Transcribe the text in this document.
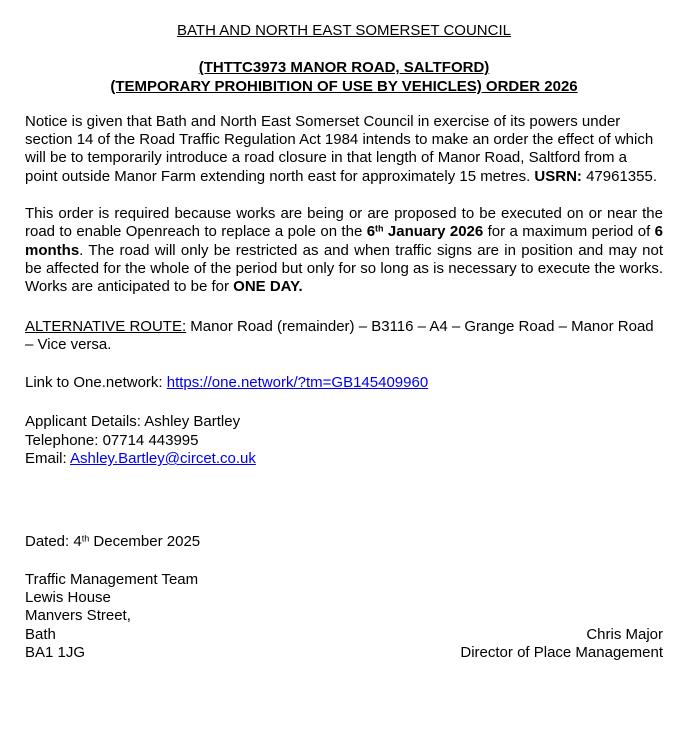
BATH AND NORTH EAST SOMERSET COUNCIL
(THTTC3973 MANOR ROAD, SALTFORD)
(TEMPORARY PROHIBITION OF USE BY VEHICLES) ORDER 2026

Notice is given that Bath and North East Somerset Council in exercise of its powers under section 14 of the Road Traffic Regulation Act 1984 intends to make an order the effect of which will be to temporarily introduce a road closure in that length of Manor Road, Saltford from a point outside Manor Farm extending north east for approximately 15 metres. USRN: 47961355.

This order is required because works are being or are proposed to be executed on or near the road to enable Openreach to replace a pole on the 6th January 2026 for a maximum period of 6 months. The road will only be restricted as and when traffic signs are in position and may not be affected for the whole of the period but only for so long as is necessary to execute the works. Works are anticipated to be for ONE DAY.

ALTERNATIVE ROUTE: Manor Road (remainder) – B3116 – A4 – Grange Road – Manor Road – Vice versa.

Link to One.network: https://one.network/?tm=GB145409960

Applicant Details: Ashley Bartley
Telephone: 07714 443995
Email: Ashley.Bartley@circet.co.uk

Dated: 4th December 2025

Traffic Management Team
Lewis House
Manvers Street,
Bath
BA1 1JG
Chris Major
Director of Place Management
